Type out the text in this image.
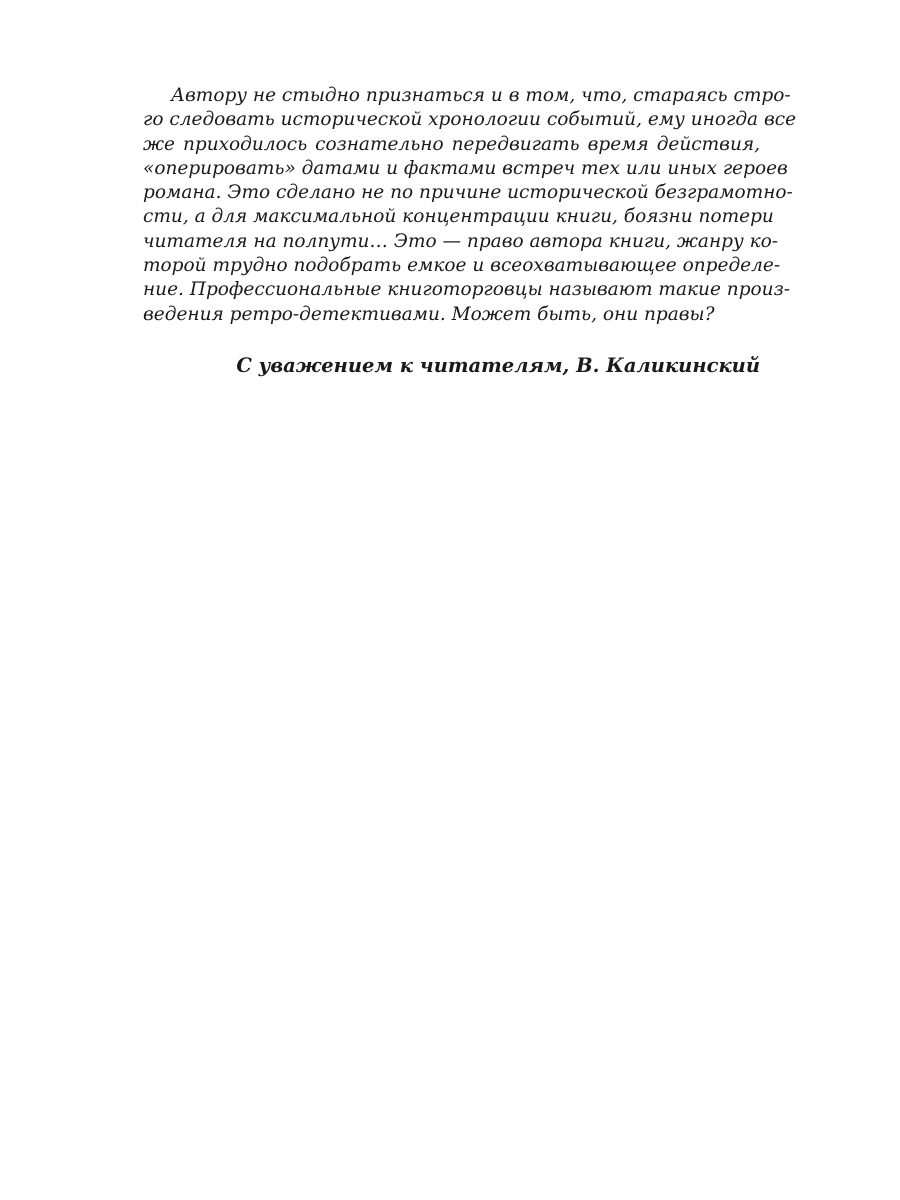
Автору не стыдно признаться и в том, что, стараясь стро-
го следовать исторической хронологии событий, ему иногда все
же приходилось сознательно передвигать время действия,
«оперировать» датами и фактами встреч тех или иных героев
романа. Это сделано не по причине исторической безграмотно-
сти, а для максимальной концентрации книги, боязни потери
читателя на полпути… Это — право автора книги, жанру ко-
торой трудно подобрать емкое и всеохватывающее определе-
ние. Профессиональные книготорговцы называют такие произ-
ведения ретро-детективами. Может быть, они правы?

С уважением к читателям, В. Каликинский
